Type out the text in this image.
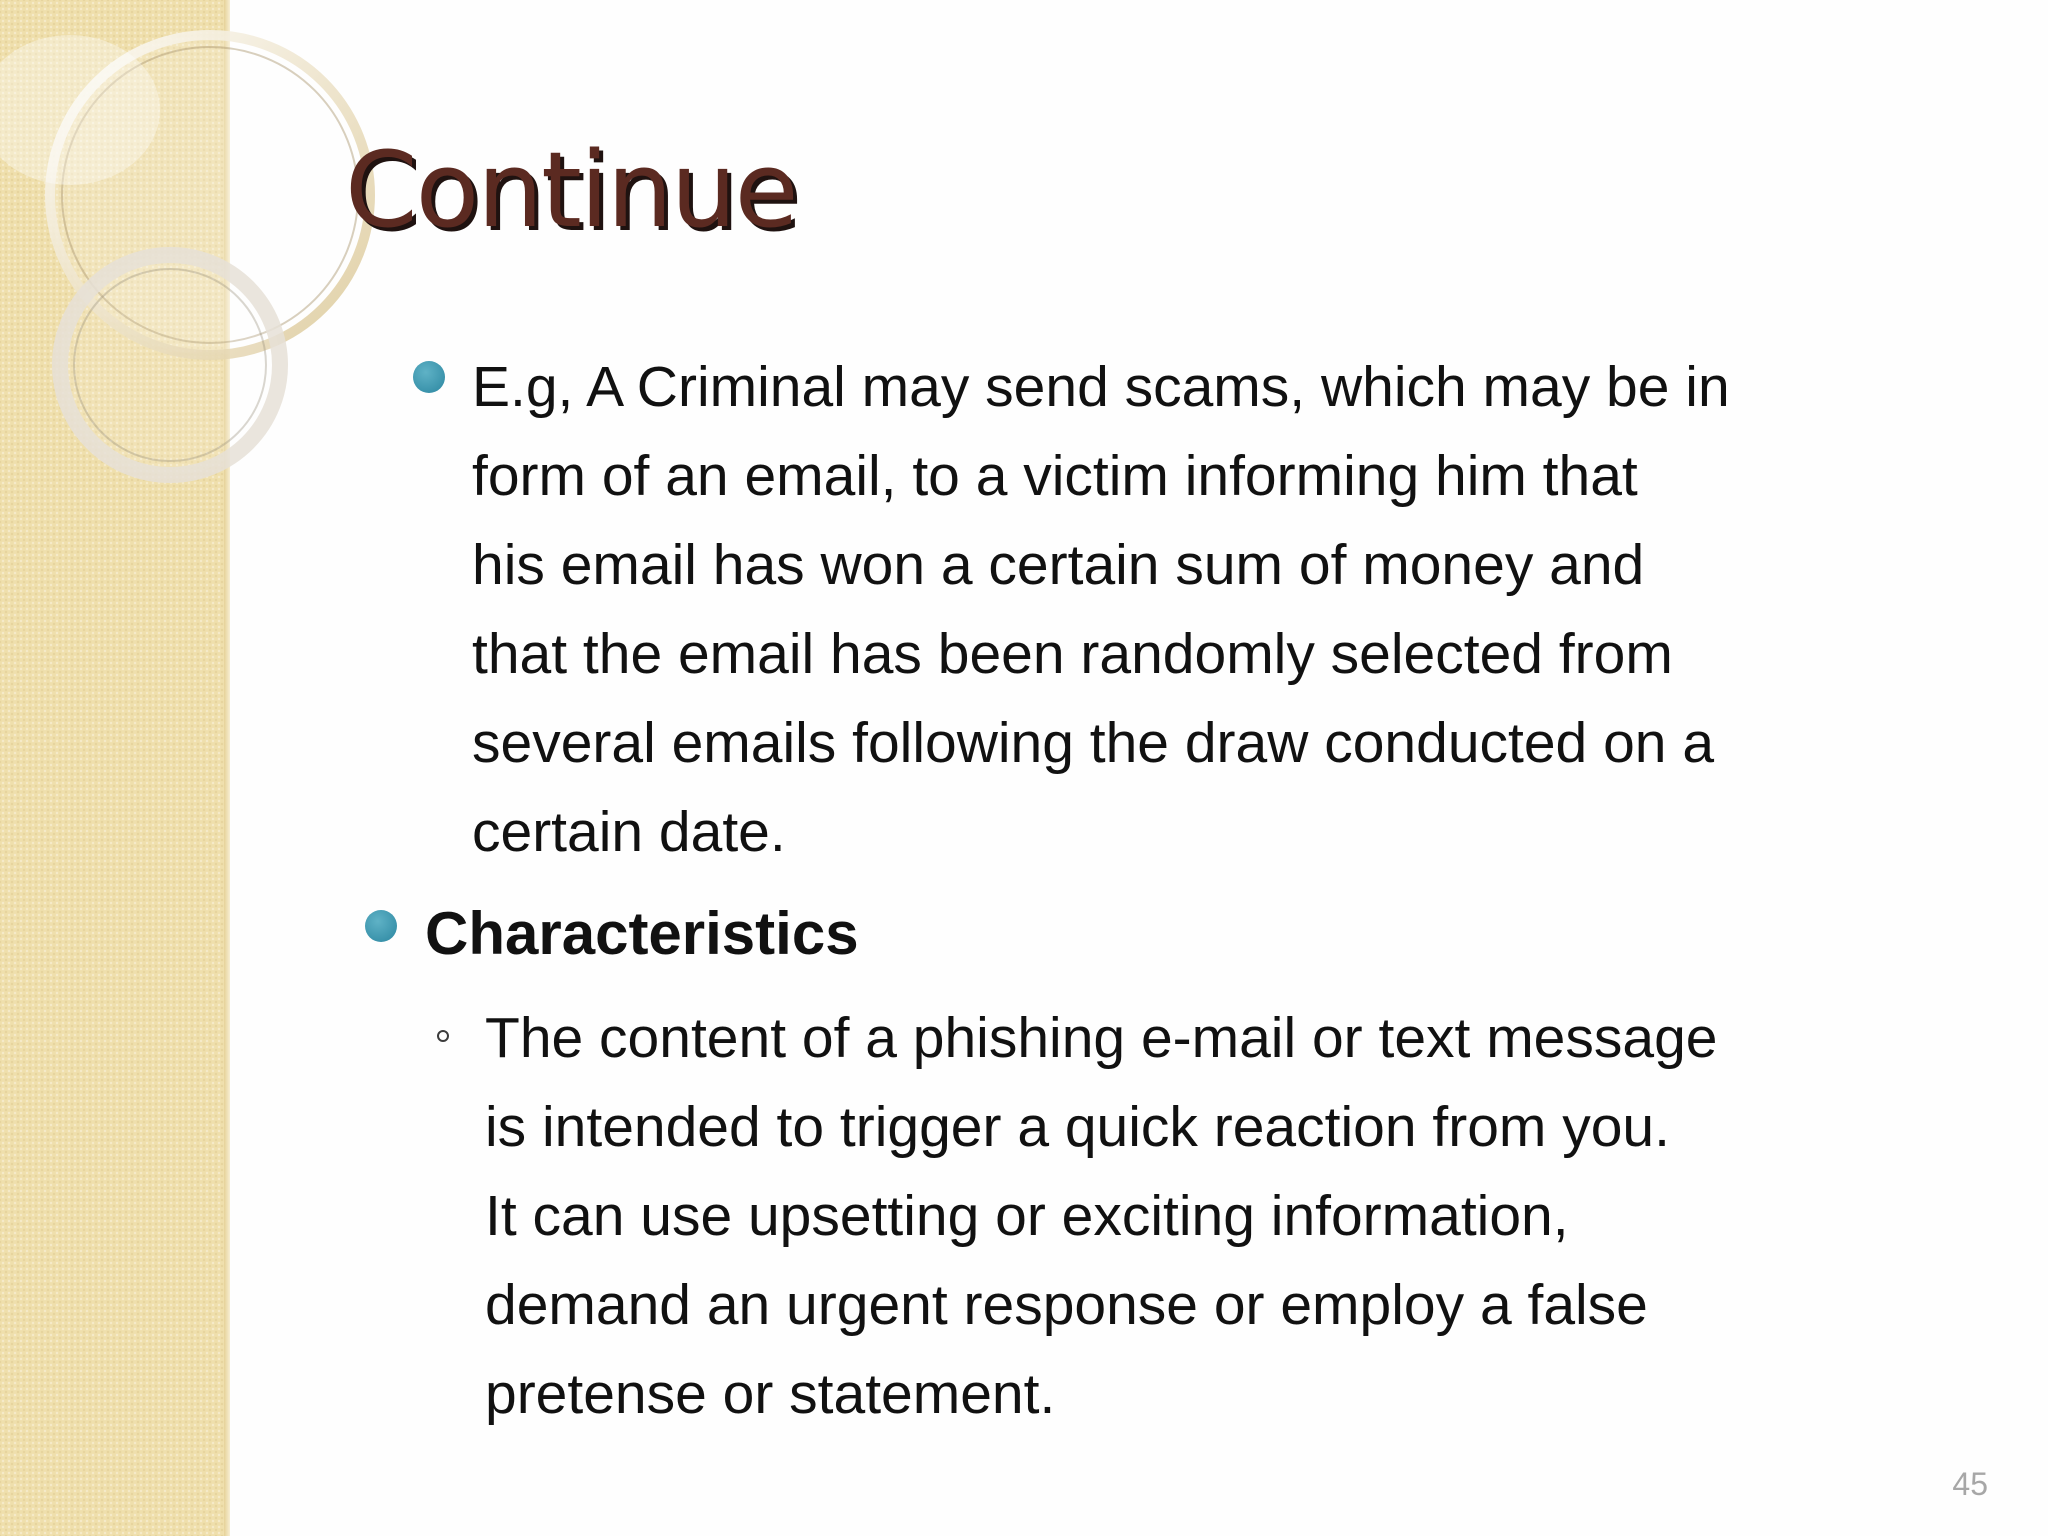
Continue
E.g, A Criminal may send scams, which may be in
form of an email, to a victim informing him that
his email has won a certain sum of money and
that the email has been randomly selected from
several emails following the draw conducted on a
certain date.
Characteristics
The content of a phishing e-mail or text message
is intended to trigger a quick reaction from you.
It can use upsetting or exciting information,
demand an urgent response or employ a false
pretense or statement.
45
